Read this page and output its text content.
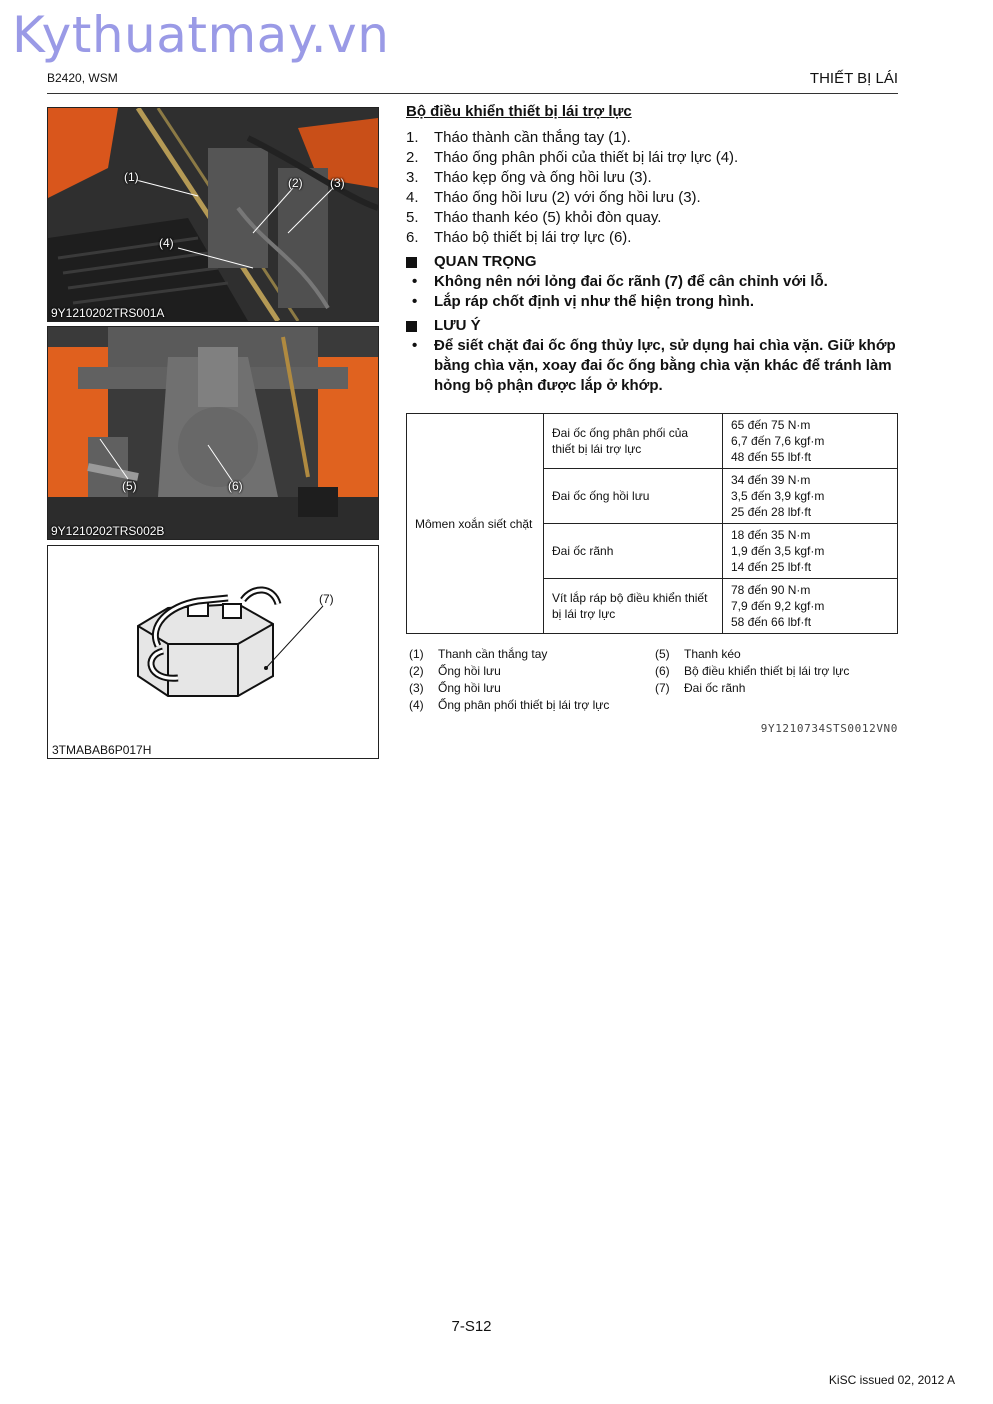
Kythuatmay.vn
B2420, WSM	THIẾT BỊ LÁI
(1)	(2) (3)
(4)
9Y1210202TRS001A
(5)	(6)
9Y1210202TRS002B
(7)
3TMABAB6P017H
Bộ điều khiển thiết bị lái trợ lực
1.	Tháo thành cần thắng tay (1).
2.	Tháo ống phân phối của thiết bị lái trợ lực (4).
3.	Tháo kẹp ống và ống hồi lưu (3).
4.	Tháo ống hồi lưu (2) với ống hồi lưu (3).
5.	Tháo thanh kéo (5) khỏi đòn quay.
6.	Tháo bộ thiết bị lái trợ lực (6).
QUAN TRỌNG
•	Không nên nới lỏng đai ốc rãnh (7) để cân chỉnh với lỗ.
•	Lắp ráp chốt định vị như thể hiện trong hình.
LƯU Ý
•	Để siết chặt đai ốc ống thủy lực, sử dụng hai chìa vặn. Giữ khớp bằng chìa vặn, xoay đai ốc ống bằng chìa vặn khác để tránh làm hỏng bộ phận được lắp ở khớp.
Mômen xoắn siết chặt	Đai ốc ống phân phối của thiết bị lái trợ lực	65 đến 75 N·m
6,7 đến 7,6 kgf·m
48 đến 55 lbf·ft

	Đai ốc ống hồi lưu	34 đến 39 N·m
3,5 đến 3,9 kgf·m
25 đến 28 lbf·ft

	Đai ốc rãnh	18 đến 35 N·m
1,9 đến 3,5 kgf·m
14 đến 25 lbf·ft

	Vít lắp ráp bộ điều khiển thiết bị lái trợ lực	78 đến 90 N·m
7,9 đến 9,2 kgf·m
58 đến 66 lbf·ft
(1)	Thanh cần thắng tay
(2)	Ống hồi lưu
(3)	Ống hồi lưu
(4)	Ống phân phối thiết bị lái trợ lực
(5)	Thanh kéo
(6)	Bộ điều khiển thiết bị lái trợ lực
(7)	Đai ốc rãnh
9Y1210734STS0012VN0
7-S12
KiSC issued 02, 2012 A
